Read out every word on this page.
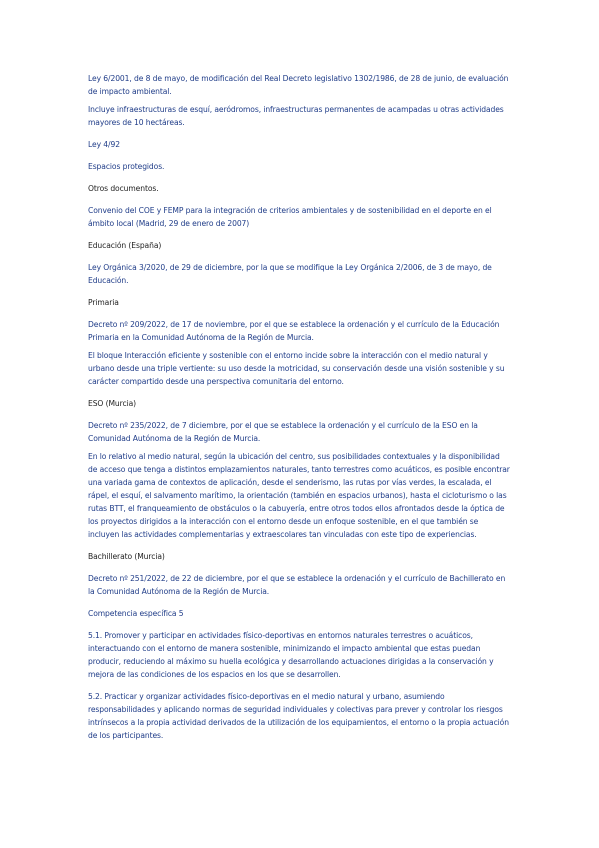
Ley 6/2001, de 8 de mayo, de modificación del Real Decreto legislativo 1302/1986, de 28 de junio, de evaluación de impacto ambiental.

Incluye infraestructuras de esquí, aeródromos, infraestructuras permanentes de acampadas u otras actividades mayores de 10 hectáreas.

Ley 4/92

Espacios protegidos.

Otros documentos.

Convenio del COE y FEMP para la integración de criterios ambientales y de sostenibilidad en el deporte en el ámbito local (Madrid, 29 de enero de 2007)

Educación (España)

Ley Orgánica 3/2020, de 29 de diciembre, por la que se modifique la Ley Orgánica 2/2006, de 3 de mayo, de Educación.

Primaria

Decreto nº 209/2022, de 17 de noviembre, por el que se establece la ordenación y el currículo de la Educación Primaria en la Comunidad Autónoma de la Región de Murcia.

El bloque Interacción eficiente y sostenible con el entorno incide sobre la interacción con el medio natural y urbano desde una triple vertiente: su uso desde la motricidad, su conservación desde una visión sostenible y su carácter compartido desde una perspectiva comunitaria del entorno.

ESO (Murcia)

Decreto nº 235/2022, de 7 diciembre, por el que se establece la ordenación y el currículo de la ESO en la Comunidad Autónoma de la Región de Murcia.

En lo relativo al medio natural, según la ubicación del centro, sus posibilidades contextuales y la disponibilidad de acceso que tenga a distintos emplazamientos naturales, tanto terrestres como acuáticos, es posible encontrar una variada gama de contextos de aplicación, desde el senderismo, las rutas por vías verdes, la escalada, el rápel, el esquí, el salvamento marítimo, la orientación (también en espacios urbanos), hasta el cicloturismo o las rutas BTT, el franqueamiento de obstáculos o la cabuyería, entre otros todos ellos afrontados desde la óptica de los proyectos dirigidos a la interacción con el entorno desde un enfoque sostenible, en el que también se incluyen las actividades complementarias y extraescolares tan vinculadas con este tipo de experiencias.

Bachillerato (Murcia)

Decreto nº 251/2022, de 22 de diciembre, por el que se establece la ordenación y el currículo de Bachillerato en la Comunidad Autónoma de la Región de Murcia.

Competencia específica 5

5.1. Promover y participar en actividades físico-deportivas en entornos naturales terrestres o acuáticos, interactuando con el entorno de manera sostenible, minimizando el impacto ambiental que estas puedan producir, reduciendo al máximo su huella ecológica y desarrollando actuaciones dirigidas a la conservación y mejora de las condiciones de los espacios en los que se desarrollen.

5.2. Practicar y organizar actividades físico-deportivas en el medio natural y urbano, asumiendo responsabilidades y aplicando normas de seguridad individuales y colectivas para prever y controlar los riesgos intrínsecos a la propia actividad derivados de la utilización de los equipamientos, el entorno o la propia actuación de los participantes.
